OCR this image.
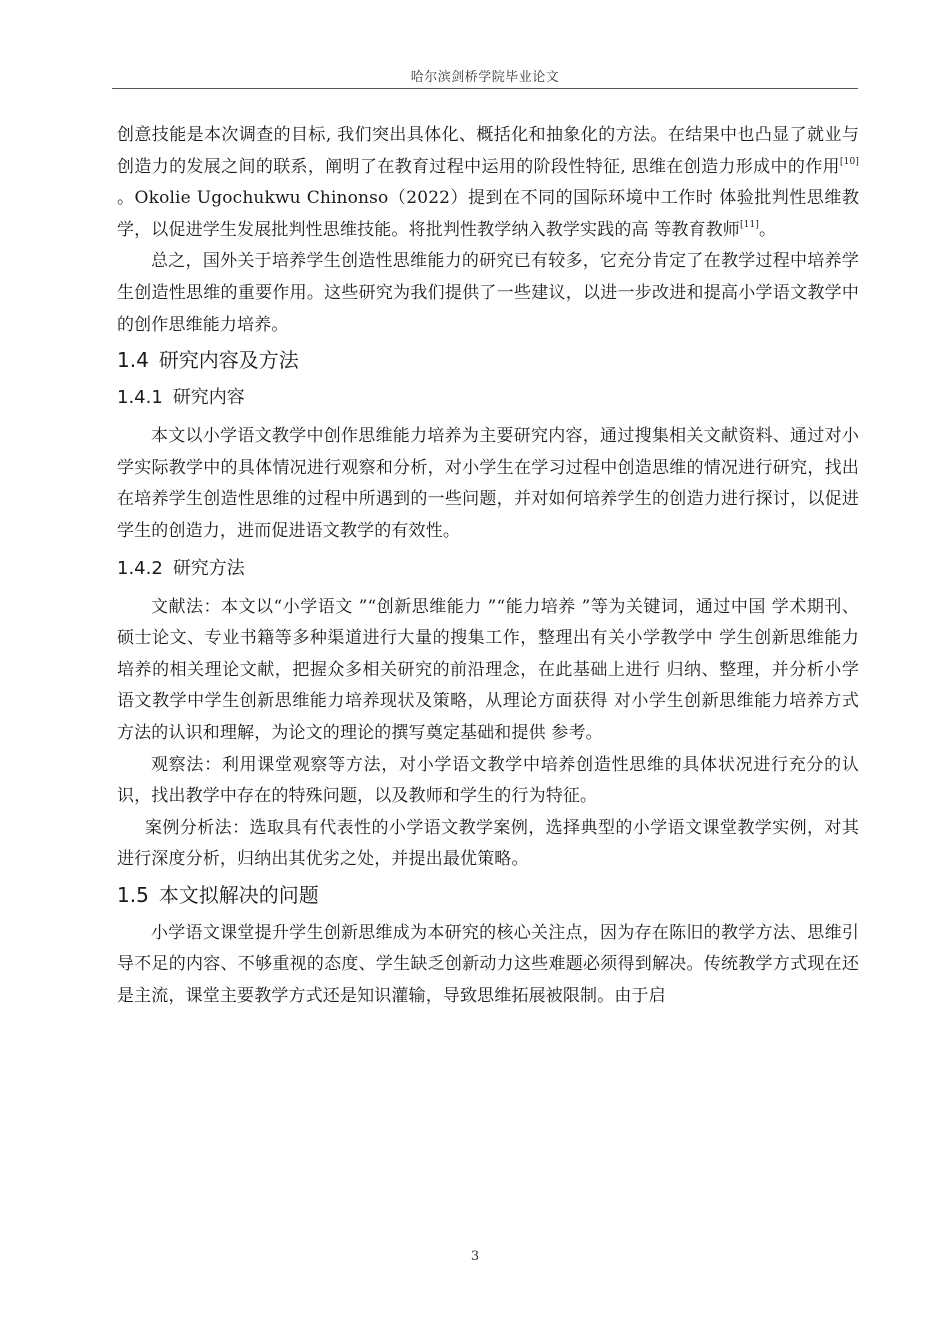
哈尔滨剑桥学院毕业论文

创意技能是本次调查的目标, 我们突出具体化、概括化和抽象化的方法。在结果中也凸显了就业与创造力的发展之间的联系，阐明了在教育过程中运用的阶段性特征, 思维在创造力形成中的作用[10] 。Okolie Ugochukwu Chinonso（2022）提到在不同的国际环境中工作时 体验批判性思维教学，以促进学生发展批判性思维技能。将批判性教学纳入教学实践的高 等教育教师[11]。

总之，国外关于培养学生创造性思维能力的研究已有较多，它充分肯定了在教学过程中培养学生创造性思维的重要作用。这些研究为我们提供了一些建议，以进一步改进和提高小学语文教学中的创作思维能力培养。

1.4 研究内容及方法
1.4.1 研究内容

本文以小学语文教学中创作思维能力培养为主要研究内容，通过搜集相关文献资料、通过对小学实际教学中的具体情况进行观察和分析，对小学生在学习过程中创造思维的情况进行研究，找出在培养学生创造性思维的过程中所遇到的一些问题，并对如何培养学生的创造力进行探讨，以促进学生的创造力，进而促进语文教学的有效性。

1.4.2 研究方法

文献法：本文以“小学语文 ”“创新思维能力 ”“能力培养 ”等为关键词，通过中国 学术期刊、硕士论文、专业书籍等多种渠道进行大量的搜集工作，整理出有关小学教学中 学生创新思维能力培养的相关理论文献，把握众多相关研究的前沿理念，在此基础上进行 归纳、整理，并分析小学语文教学中学生创新思维能力培养现状及策略，从理论方面获得 对小学生创新思维能力培养方式方法的认识和理解，为论文的理论的撰写奠定基础和提供 参考。

观察法：利用课堂观察等方法，对小学语文教学中培养创造性思维的具体状况进行充分的认识，找出教学中存在的特殊问题，以及教师和学生的行为特征。

案例分析法：选取具有代表性的小学语文教学案例，选择典型的小学语文课堂教学实例，对其进行深度分析，归纳出其优劣之处，并提出最优策略。

1.5 本文拟解决的问题

小学语文课堂提升学生创新思维成为本研究的核心关注点，因为存在陈旧的教学方法、思维引导不足的内容、不够重视的态度、学生缺乏创新动力这些难题必须得到解决。传统教学方式现在还是主流，课堂主要教学方式还是知识灌输，导致思维拓展被限制。由于启

3
